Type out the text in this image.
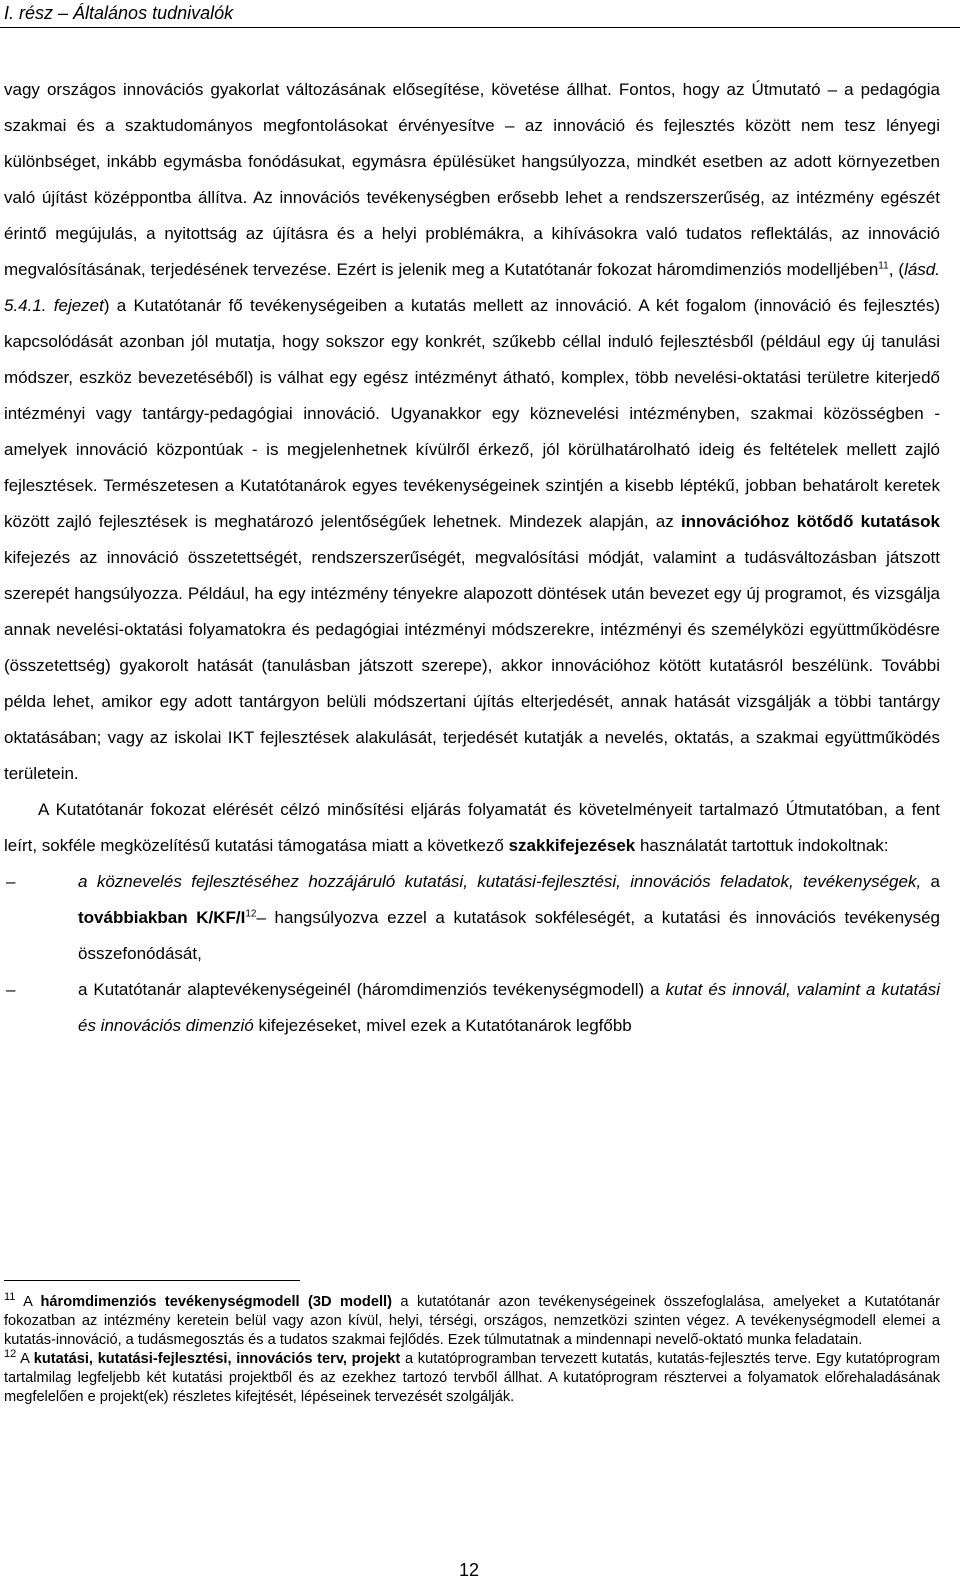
I. rész – Általános tudnivalók

vagy országos innovációs gyakorlat változásának elősegítése, követése állhat. Fontos, hogy az Útmutató – a pedagógia szakmai és a szaktudományos megfontolásokat érvényesítve – az innováció és fejlesztés között nem tesz lényegi különbséget, inkább egymásba fonódásukat, egymásra épülésüket hangsúlyozza, mindkét esetben az adott környezetben való újítást középpontba állítva. Az innovációs tevékenységben erősebb lehet a rendszerszerűség, az intézmény egészét érintő megújulás, a nyitottság az újításra és a helyi problémákra, a kihívásokra való tudatos reflektálás, az innováció megvalósításának, terjedésének tervezése. Ezért is jelenik meg a Kutatótanár fokozat háromdimenziós modelljében$^{11}$, (lásd. 5.4.1. fejezet) a Kutatótanár fő tevékenységeiben a kutatás mellett az innováció. A két fogalom (innováció és fejlesztés) kapcsolódását azonban jól mutatja, hogy sokszor egy konkrét, szűkebb céllal induló fejlesztésből (például egy új tanulási módszer, eszköz bevezetéséből) is válhat egy egész intézményt átható, komplex, több nevelési-oktatási területre kiterjedő intézményi vagy tantárgy-pedagógiai innováció. Ugyanakkor egy köznevelési intézményben, szakmai közösségben - amelyek innováció központúak - is megjelenhetnek kívülről érkező, jól körülhatárolható ideig és feltételek mellett zajló fejlesztések. Természetesen a Kutatótanárok egyes tevékenységeinek szintjén a kisebb léptékű, jobban behatárolt keretek között zajló fejlesztések is meghatározó jelentőségűek lehetnek. Mindezek alapján, az innovációhoz kötődő kutatások kifejezés az innováció összetettségét, rendszerszerűségét, megvalósítási módját, valamint a tudásváltozásban játszott szerepét hangsúlyozza. Például, ha egy intézmény tényekre alapozott döntések után bevezet egy új programot, és vizsgálja annak nevelési-oktatási folyamatokra és pedagógiai intézményi módszerekre, intézményi és személyközi együttműködésre (összetettség) gyakorolt hatását (tanulásban játszott szerepe), akkor innovációhoz kötött kutatásról beszélünk. További példa lehet, amikor egy adott tantárgyon belüli módszertani újítás elterjedését, annak hatását vizsgálják a többi tantárgy oktatásában; vagy az iskolai IKT fejlesztések alakulását, terjedését kutatják a nevelés, oktatás, a szakmai együttműködés területein.

A Kutatótanár fokozat elérését célzó minősítési eljárás folyamatát és követelményeit tartalmazó Útmutatóban, a fent leírt, sokféle megközelítésű kutatási támogatása miatt a következő szakkifejezések használatát tartottuk indokoltnak:

–	a köznevelés fejlesztéséhez hozzájáruló kutatási, kutatási-fejlesztési, innovációs feladatok, tevékenységek, a továbbiakban $K/KF/I^{12}-$ hangsúlyozva ezzel a kutatások sokféleségét, a kutatási és innovációs tevékenység összefonódását,
–	a Kutatótanár alaptevékenységeinél (háromdimenziós tevékenységmodell) a kutat és innovál, valamint a kutatási és innovációs dimenzió kifejezéseket, mivel ezek a Kutatótanárok legfőbb

$^{11}$ A háromdimenziós tevékenységmodell (3D modell) a kutatótanár azon tevékenységeinek összefoglalása, amelyeket a Kutatótanár fokozatban az intézmény keretein belül vagy azon kívül, helyi, térségi, országos, nemzetközi szinten végez. A tevékenységmodell elemei a kutatás-innováció, a tudásmegosztás és a tudatos szakmai fejlődés. Ezek túlmutatnak a mindennapi nevelő-oktató munka feladatain.

$^{12}$ A kutatási, kutatási-fejlesztési, innovációs terv, projekt a kutatóprogramban tervezett kutatás, kutatás-fejlesztés terve. Egy kutatóprogram tartalmilag legfeljebb két kutatási projektből és az ezekhez tartozó tervből állhat. A kutatóprogram résztervei a folyamatok előrehaladásának megfelelően e projekt(ek) részletes kifejtését, lépéseinek tervezését szolgálják.

12
